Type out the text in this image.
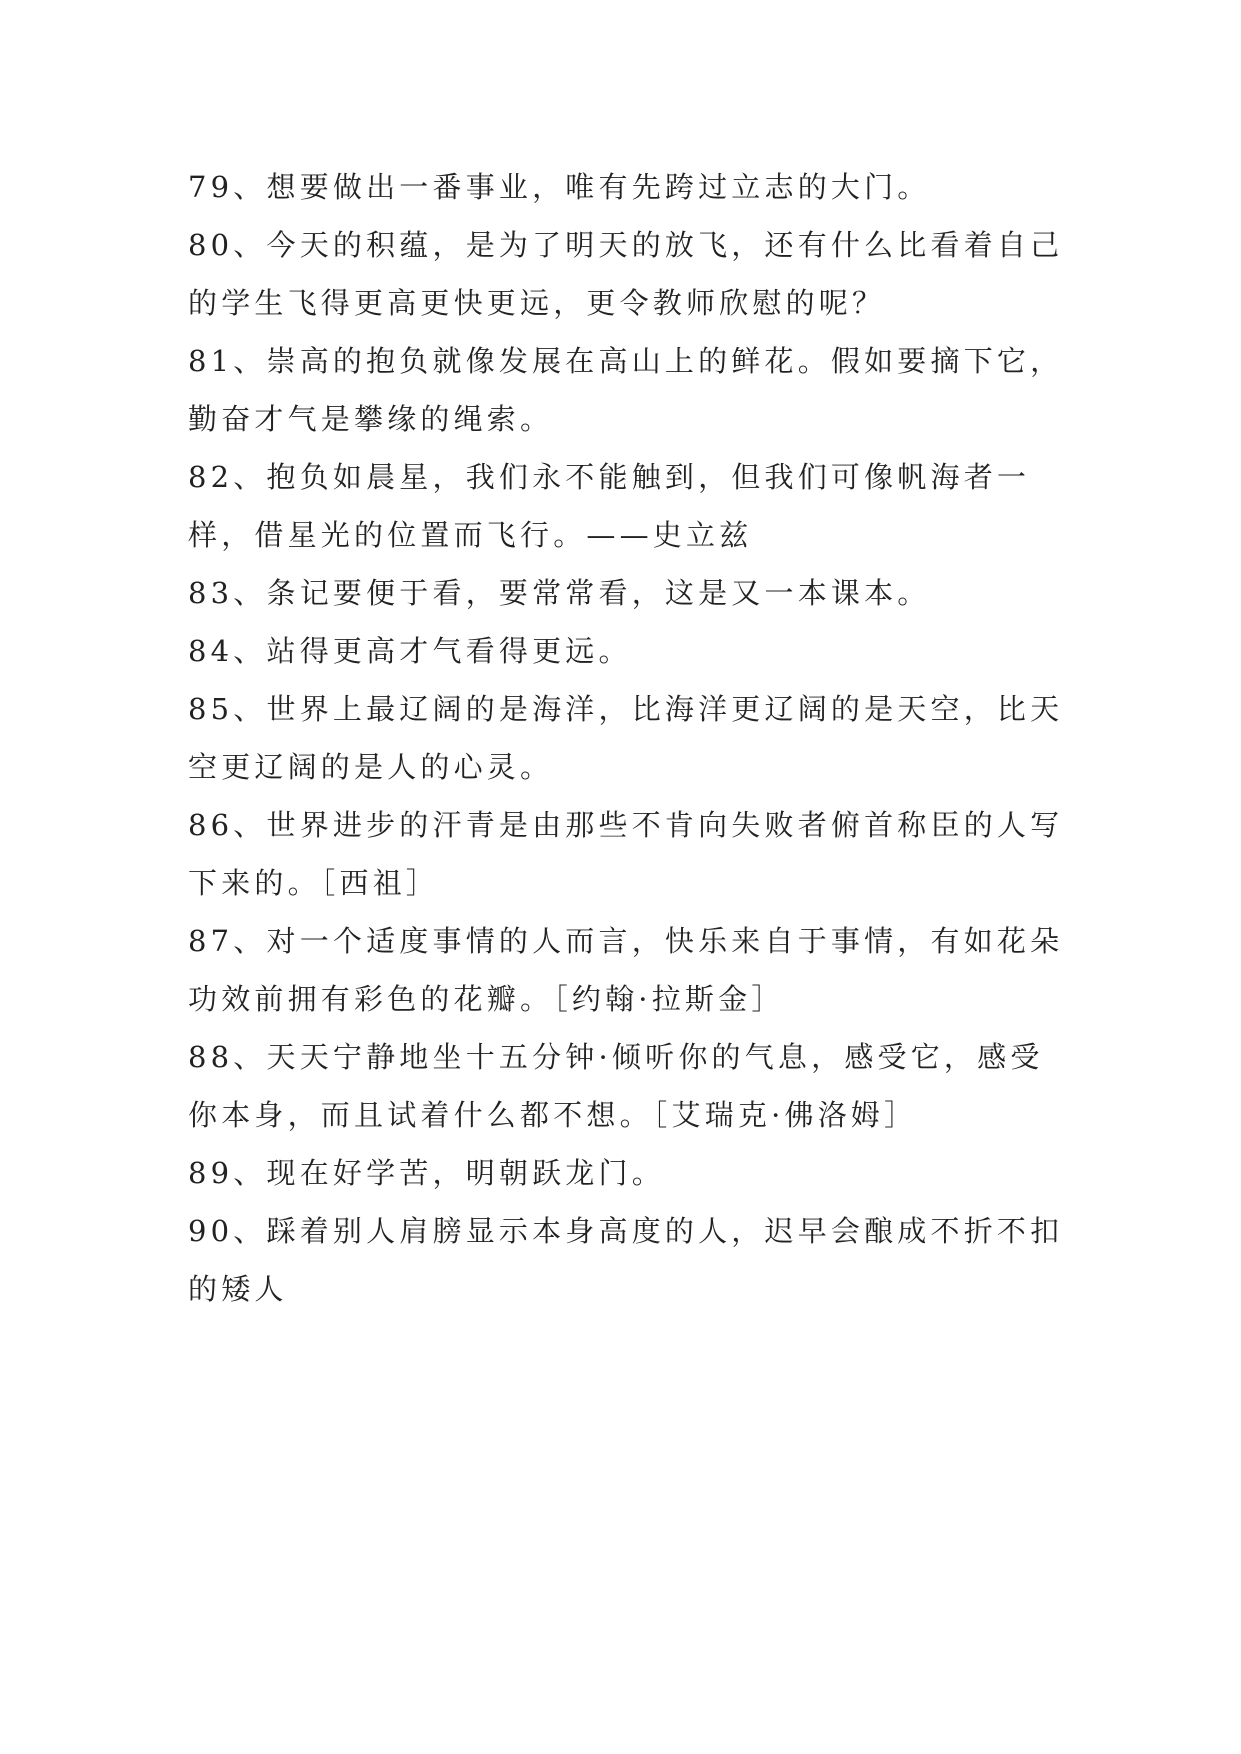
79、想要做出一番事业，唯有先跨过立志的大门。

80、今天的积蕴，是为了明天的放飞，还有什么比看着自己的学生飞得更高更快更远，更令教师欣慰的呢？

81、崇高的抱负就像发展在高山上的鲜花。假如要摘下它，勤奋才气是攀缘的绳索。

82、抱负如晨星，我们永不能触到，但我们可像帆海者一样，借星光的位置而飞行。——史立兹

83、条记要便于看，要常常看，这是又一本课本。

84、站得更高才气看得更远。

85、世界上最辽阔的是海洋，比海洋更辽阔的是天空，比天空更辽阔的是人的心灵。

86、世界进步的汗青是由那些不肯向失败者俯首称臣的人写下来的。［西祖］

87、对一个适度事情的人而言，快乐来自于事情，有如花朵功效前拥有彩色的花瓣。［约翰·拉斯金］

88、天天宁静地坐十五分钟·倾听你的气息，感受它，感受你本身，而且试着什么都不想。［艾瑞克·佛洛姆］

89、现在好学苦，明朝跃龙门。

90、踩着别人肩膀显示本身高度的人，迟早会酿成不折不扣的矮人
